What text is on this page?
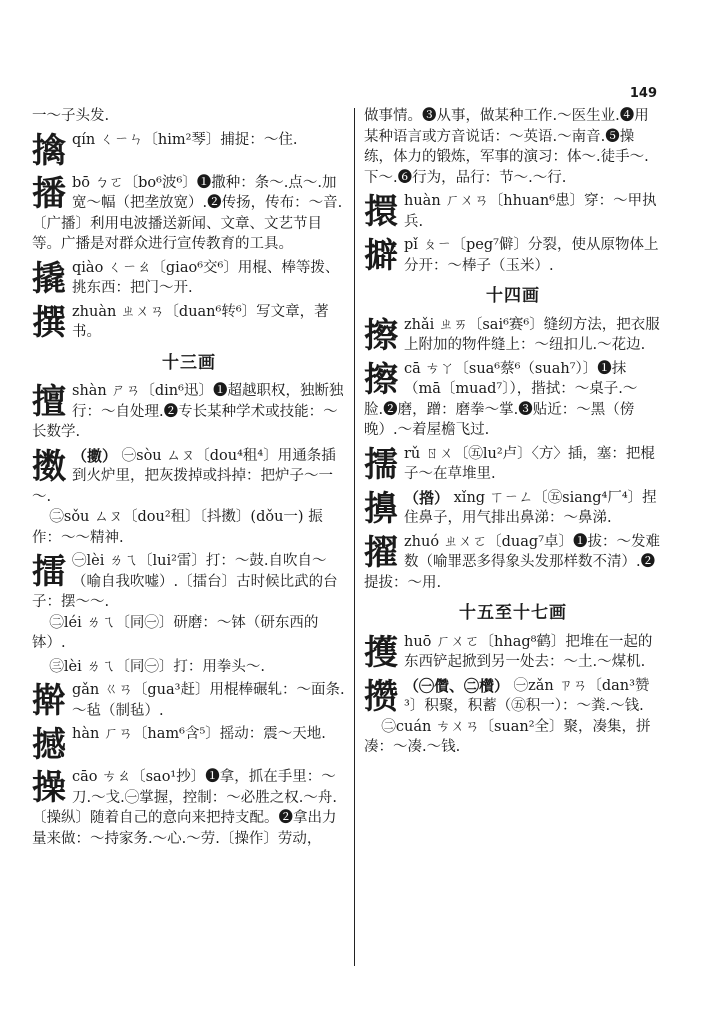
149
一～子头发.
擒 qín ㄑㄧㄣ〔him²琴〕捕捉：～住.
播 bō ㄅㄛ〔bo⁶波⁶〕❶撒种：条～.点～.加宽～幅（把垄放宽）.❷传扬，传布：～音.〔广播〕利用电波播送新闻、文章、文艺节目等。广播是对群众进行宣传教育的工具。
撬 qiào ㄑㄧㄠ〔giao⁶交⁶〕用棍、棒等拨、挑东西：把门～开.
撰 zhuàn ㄓㄨㄢ〔duan⁶转⁶〕写文章，著书。
十三画
擅 shàn ㄕㄢ〔din⁶迅〕❶超越职权，独断独行：～自处理.❷专长某种学术或技能：～长数学.
擞 （擻） ㊀sòu ㄙㄡ〔dou⁴租⁴〕用通条插到火炉里，把灰拨掉或抖掉：把炉子～一～.
㊁sǒu ㄙㄡ〔dou²租〕〔抖擞〕(dǒu一) 振作：～～精神.
擂 ㊀lèi ㄌㄟ〔lui²雷〕打：～鼓.自吹自～（喻自我吹嘘）.〔擂台〕古时候比武的台子：摆～～.
㊁léi ㄌㄟ〔同㊀〕研磨：～钵（研东西的钵）.
㊂lèi ㄌㄟ〔同㊀〕打：用拳头～.
擀 gǎn ㄍㄢ〔gua³赶〕用棍棒碾轧：～面条.～毡（制毡）.
撼 hàn ㄏㄢ〔ham⁶含⁵〕摇动：震～天地.
操 cāo ㄘㄠ〔sao¹抄〕❶拿，抓在手里：～刀.～戈.㊀掌握，控制：～必胜之权.～舟.〔操纵〕随着自己的意向来把持支配。❷拿出力量来做：～持家务.～心.～劳.〔操作〕劳动，
做事情。❸从事，做某种工作.～医生业.❹用某种语言或方音说话：～英语.～南音.❺操练，体力的锻炼，军事的演习：体～.徒手～.下～.❻行为，品行：节～.～行.
擐 huàn ㄏㄨㄢ〔hhuan⁶患〕穿：～甲执兵.
擗 pǐ ㄆㄧ〔peg⁷僻〕分裂，使从原物体上分开：～棒子（玉米）.
十四画
擦 zhǎi ㄓㄞ〔sai⁶赛⁶〕缝纫方法，把衣服上附加的物件缝上：～纽扣儿.～花边.
擦 cā ㄘㄚ〔sua⁶蔡⁶（suah⁷）〕❶抹（mā〔muad⁷〕），揩拭：～桌子.～脸.❷磨，蹭：磨拳～掌.❸贴近：～黑（傍晚）.～着屋檐飞过.
擩 rǔ ㄖㄨ〔㊄lu²卢〕〈方〉插，塞：把棍子～在草堆里.
擤 （揝） xǐng ㄒㄧㄥ〔㊄siang⁴厂⁴〕捏住鼻子，用气排出鼻涕：～鼻涕.
擢 zhuó ㄓㄨㄛ〔duag⁷卓〕❶拔：～发难数（喻罪恶多得象头发那样数不清）.❷提拔：～用.
十五至十七画
擭 huō ㄏㄨㄛ〔hhag⁸鹤〕把堆在一起的东西铲起掀到另一处去：～土.～煤机.
攒 （㊀儹、㊁欑） ㊀zǎn ㄗㄢ〔dan³赞³〕积聚，积蓄（㊄积一）：～粪.～钱.
㊁cuán ㄘㄨㄢ〔suan²全〕聚，凑集，拼凑：～凑.～钱.
